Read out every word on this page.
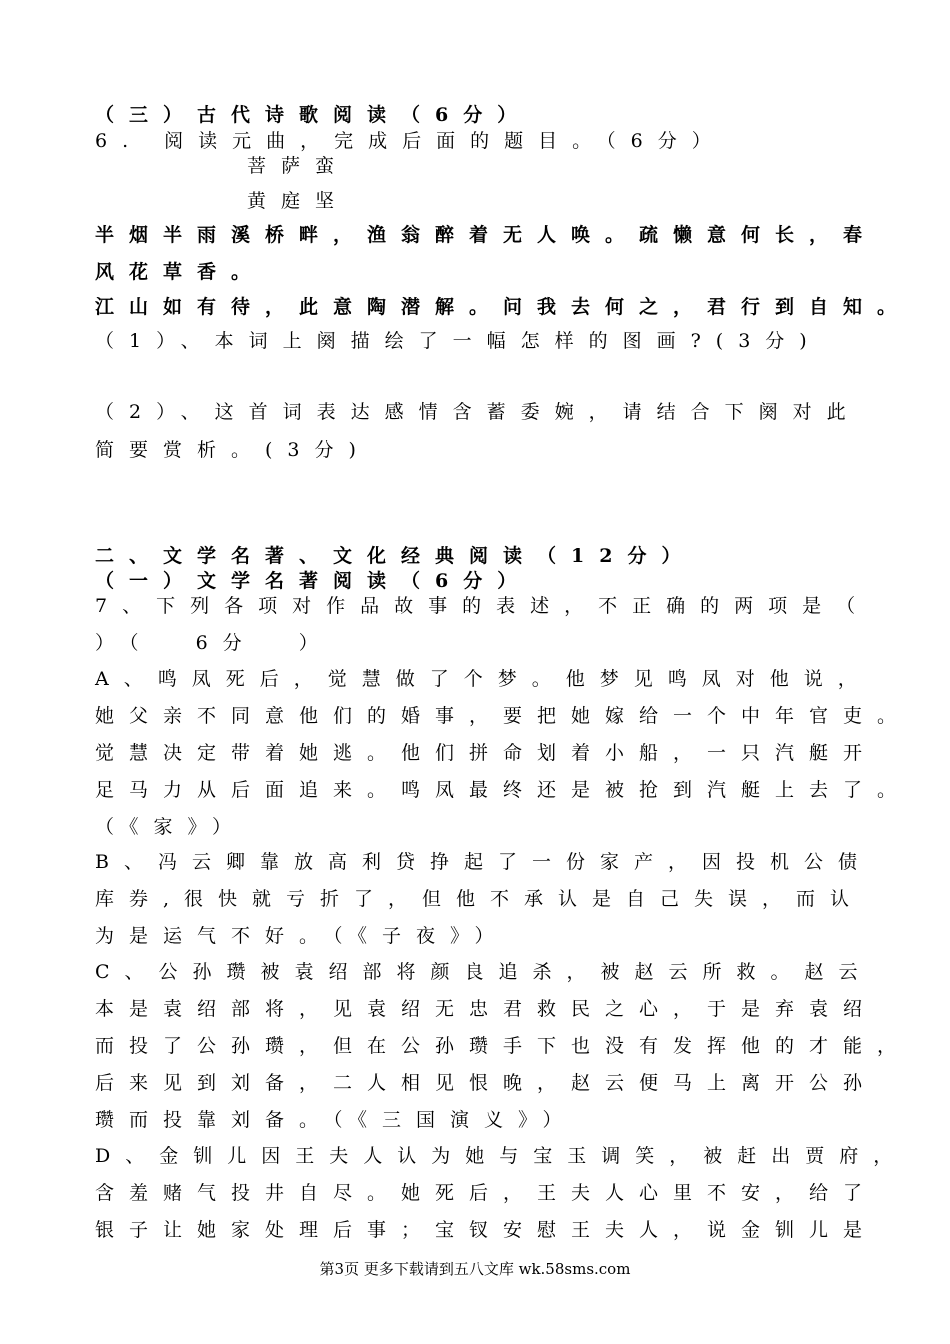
（三）古代诗歌阅读（6分）
6. 阅读元曲，完成后面的题目。（6分）
菩萨蛮
黄庭坚
半烟半雨溪桥畔，渔翁醉着无人唤。疏懒意何长，春
风花草香。
江山如有待，此意陶潜解。问我去何之，君行到自知。
（1）、本词上阕描绘了一幅怎样的图画?(3分)
（2）、这首词表达感情含蓄委婉，请结合下阕对此
简要赏析。(3分)
二、文学名著、文化经典阅读（12分）
（一）文学名著阅读（6分）
7、下列各项对作品故事的表述，不正确的两项是（
）（  6分  ）
A、鸣凤死后，觉慧做了个梦。他梦见鸣凤对他说，
她父亲不同意他们的婚事，要把她嫁给一个中年官吏。
觉慧决定带着她逃。他们拼命划着小船，一只汽艇开
足马力从后面追来。鸣凤最终还是被抢到汽艇上去了。
（《家》）
B、冯云卿靠放高利贷挣起了一份家产，因投机公债
库券,很快就亏折了，但他不承认是自己失误，而认
为是运气不好。（《子夜》）
C、公孙瓒被袁绍部将颜良追杀，被赵云所救。赵云
本是袁绍部将，见袁绍无忠君救民之心，于是弃袁绍
而投了公孙瓒，但在公孙瓒手下也没有发挥他的才能，
后来见到刘备，二人相见恨晚，赵云便马上离开公孙
瓒而投靠刘备。（《三国演义》）
D、金钏儿因王夫人认为她与宝玉调笑，被赶出贾府，
含羞赌气投井自尽。她死后，王夫人心里不安，给了
银子让她家处理后事；宝钗安慰王夫人，说金钏儿是
第3页 更多下载请到五八文库 wk.58sms.com
